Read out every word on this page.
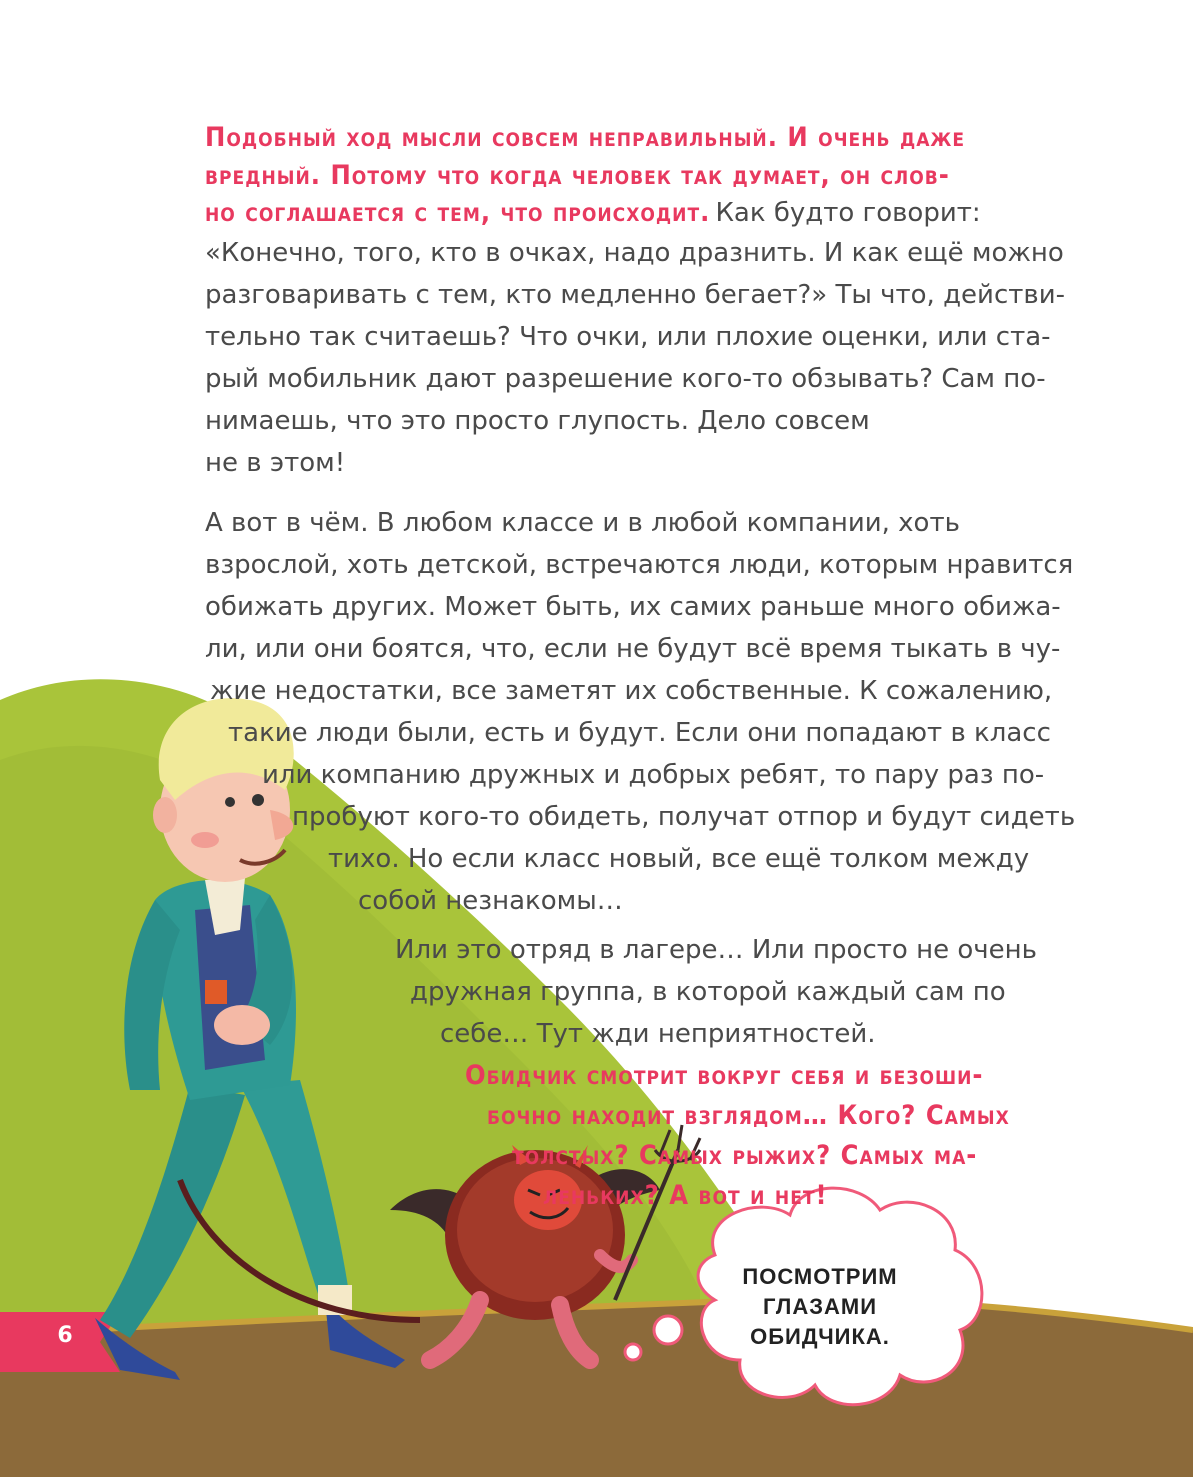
Подобный ход мысли совсем неправильный. И очень даже
вредный. Потому что когда человек так думает, он слов-
но соглашается с тем, что происходит. Как будто говорит:
«Конечно, того, кто в очках, надо дразнить. И как ещё можно
разговаривать с тем, кто медленно бегает?» Ты что, действи-
тельно так считаешь? Что очки, или плохие оценки, или ста-
рый мобильник дают разрешение кого-то обзывать? Сам по-
нимаешь, что это просто глупость. Дело совсем
не в этом!
А вот в чём. В любом классе и в любой компании, хоть
взрослой, хоть детской, встречаются люди, которым нравится
обижать других. Может быть, их самих раньше много обижа-
ли, или они боятся, что, если не будут всё время тыкать в чу-
жие недостатки, все заметят их собственные. К сожалению,
такие люди были, есть и будут. Если они попадают в класс
или компанию дружных и добрых ребят, то пару раз по-
пробуют кого-то обидеть, получат отпор и будут сидеть
тихо. Но если класс новый, все ещё толком между
собой незнакомы…
Или это отряд в лагере… Или просто не очень
дружная группа, в которой каждый сам по
себе… Тут жди неприятностей.
Обидчик смотрит вокруг себя и безоши-
бочно находит взглядом… Кого? Самых
толстых? Самых рыжих? Самых ма-
леньких? А вот и нет!
ПОСМОТРИМ
ГЛАЗАМИ
ОБИДЧИКА.
6
